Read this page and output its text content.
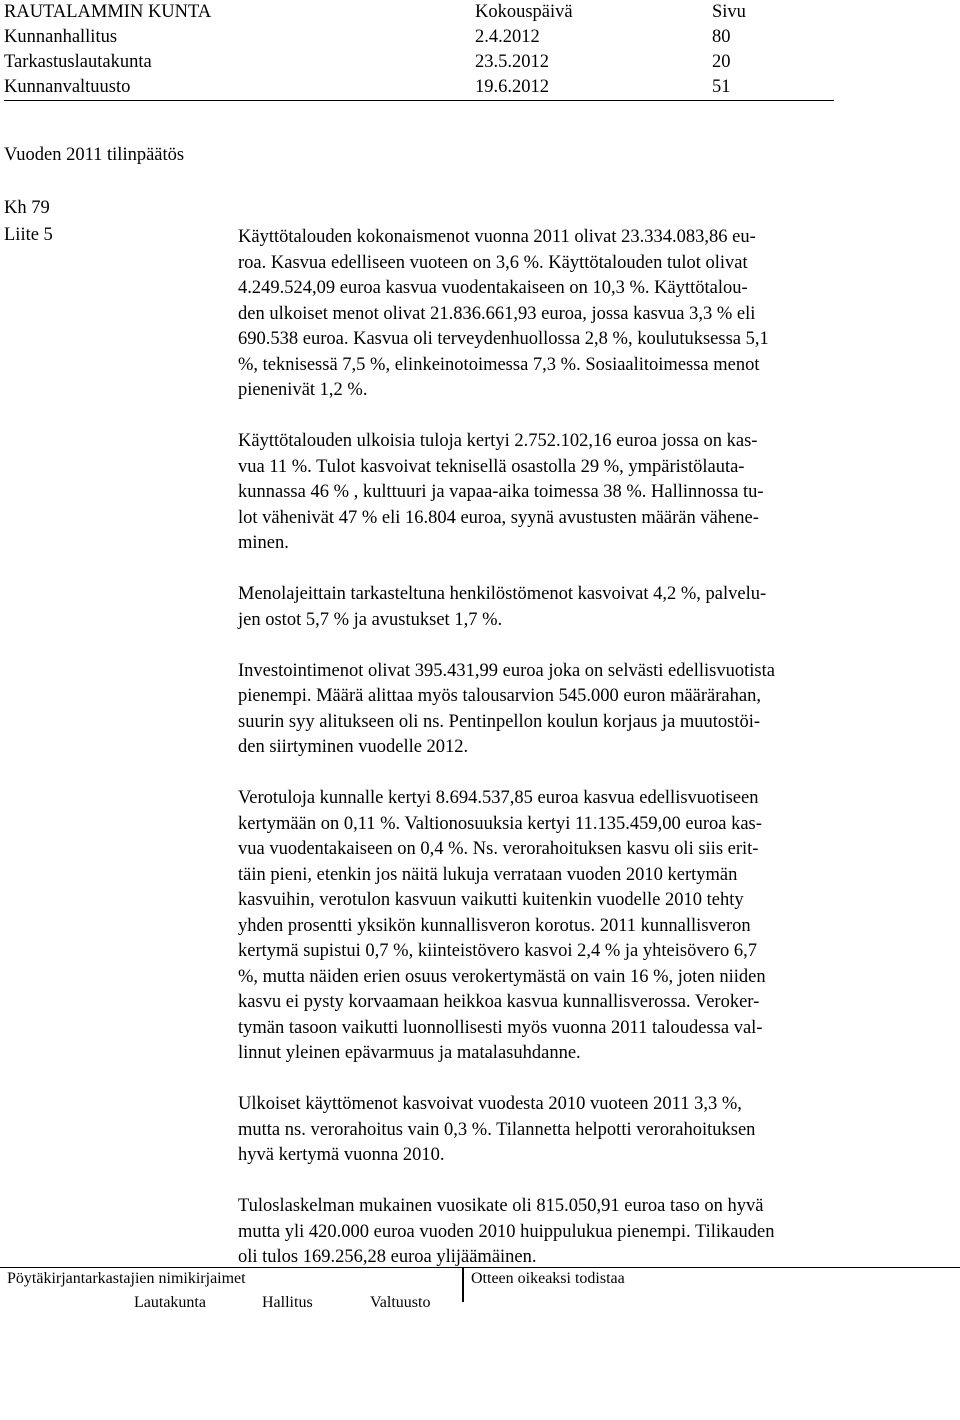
RAUTALAMMIN KUNTA	Kokouspäivä	Sivu
Kunnanhallitus	2.4.2012	80
Tarkastuslautakunta	23.5.2012	20
Kunnanvaltuusto	19.6.2012	51
Vuoden 2011 tilinpäätös
Kh 79
Liite 5	Käyttötalouden kokonaismenot vuonna 2011 olivat 23.334.083,86 eu-
roa. Kasvua edelliseen vuoteen on 3,6 %. Käyttötalouden tulot olivat
4.249.524,09 euroa kasvua vuodentakaiseen on 10,3 %. Käyttötalou-
den ulkoiset menot olivat 21.836.661,93 euroa, jossa kasvua 3,3 % eli
690.538 euroa. Kasvua oli terveydenhuollossa 2,8 %, koulutuksessa 5,1
%, teknisessä 7,5 %, elinkeinotoimessa 7,3 %. Sosiaalitoimessa menot
pienenivät 1,2 %.
Käyttötalouden ulkoisia tuloja kertyi 2.752.102,16 euroa jossa on kas-
vua 11 %. Tulot kasvoivat teknisellä osastolla 29 %, ympäristölauta-
kunnassa 46 % , kulttuuri ja vapaa-aika toimessa 38 %. Hallinnossa tu-
lot vähenivät 47 % eli 16.804 euroa, syynä avustusten määrän vähene-
minen.
Menolajeittain tarkasteltuna henkilöstömenot kasvoivat 4,2 %, palvelu-
jen ostot 5,7 % ja avustukset 1,7 %.
Investointimenot olivat 395.431,99 euroa joka on selvästi edellisvuotista
pienempi. Määrä alittaa myös talousarvion 545.000 euron määrärahan,
suurin syy alitukseen oli ns. Pentinpellon koulun korjaus ja muutostöi-
den siirtyminen vuodelle 2012.
Verotuloja kunnalle kertyi 8.694.537,85 euroa kasvua edellisvuotiseen
kertymään on 0,11 %. Valtionosuuksia kertyi 11.135.459,00 euroa kas-
vua vuodentakaiseen on 0,4 %. Ns. verorahoituksen kasvu oli siis erit-
täin pieni, etenkin jos näitä lukuja verrataan vuoden 2010 kertymän
kasvuihin, verotulon kasvuun vaikutti kuitenkin vuodelle 2010 tehty
yhden prosentti yksikön kunnallisveron korotus. 2011 kunnallisveron
kertymä supistui 0,7 %, kiinteistövero kasvoi 2,4 % ja yhteisövero 6,7
%, mutta näiden erien osuus verokertymästä on vain 16 %, joten niiden
kasvu ei pysty korvaamaan heikkoa kasvua kunnallisverossa. Veroker-
tymän tasoon vaikutti luonnollisesti myös vuonna 2011 taloudessa val-
linnut yleinen epävarmuus ja matalasuhdanne.
Ulkoiset käyttömenot kasvoivat vuodesta 2010 vuoteen 2011 3,3 %,
mutta ns. verorahoitus vain 0,3 %. Tilannetta helpotti verorahoituksen
hyvä kertymä vuonna 2010.
Tuloslaskelman mukainen vuosikate oli 815.050,91 euroa taso on hyvä
mutta yli 420.000 euroa vuoden 2010 huippulukua pienempi. Tilikauden
oli tulos 169.256,28 euroa ylijäämäinen.
Pöytäkirjantarkastajien nimikirjaimet	Otteen oikeaksi todistaa
Lautakunta	Hallitus	Valtuusto
